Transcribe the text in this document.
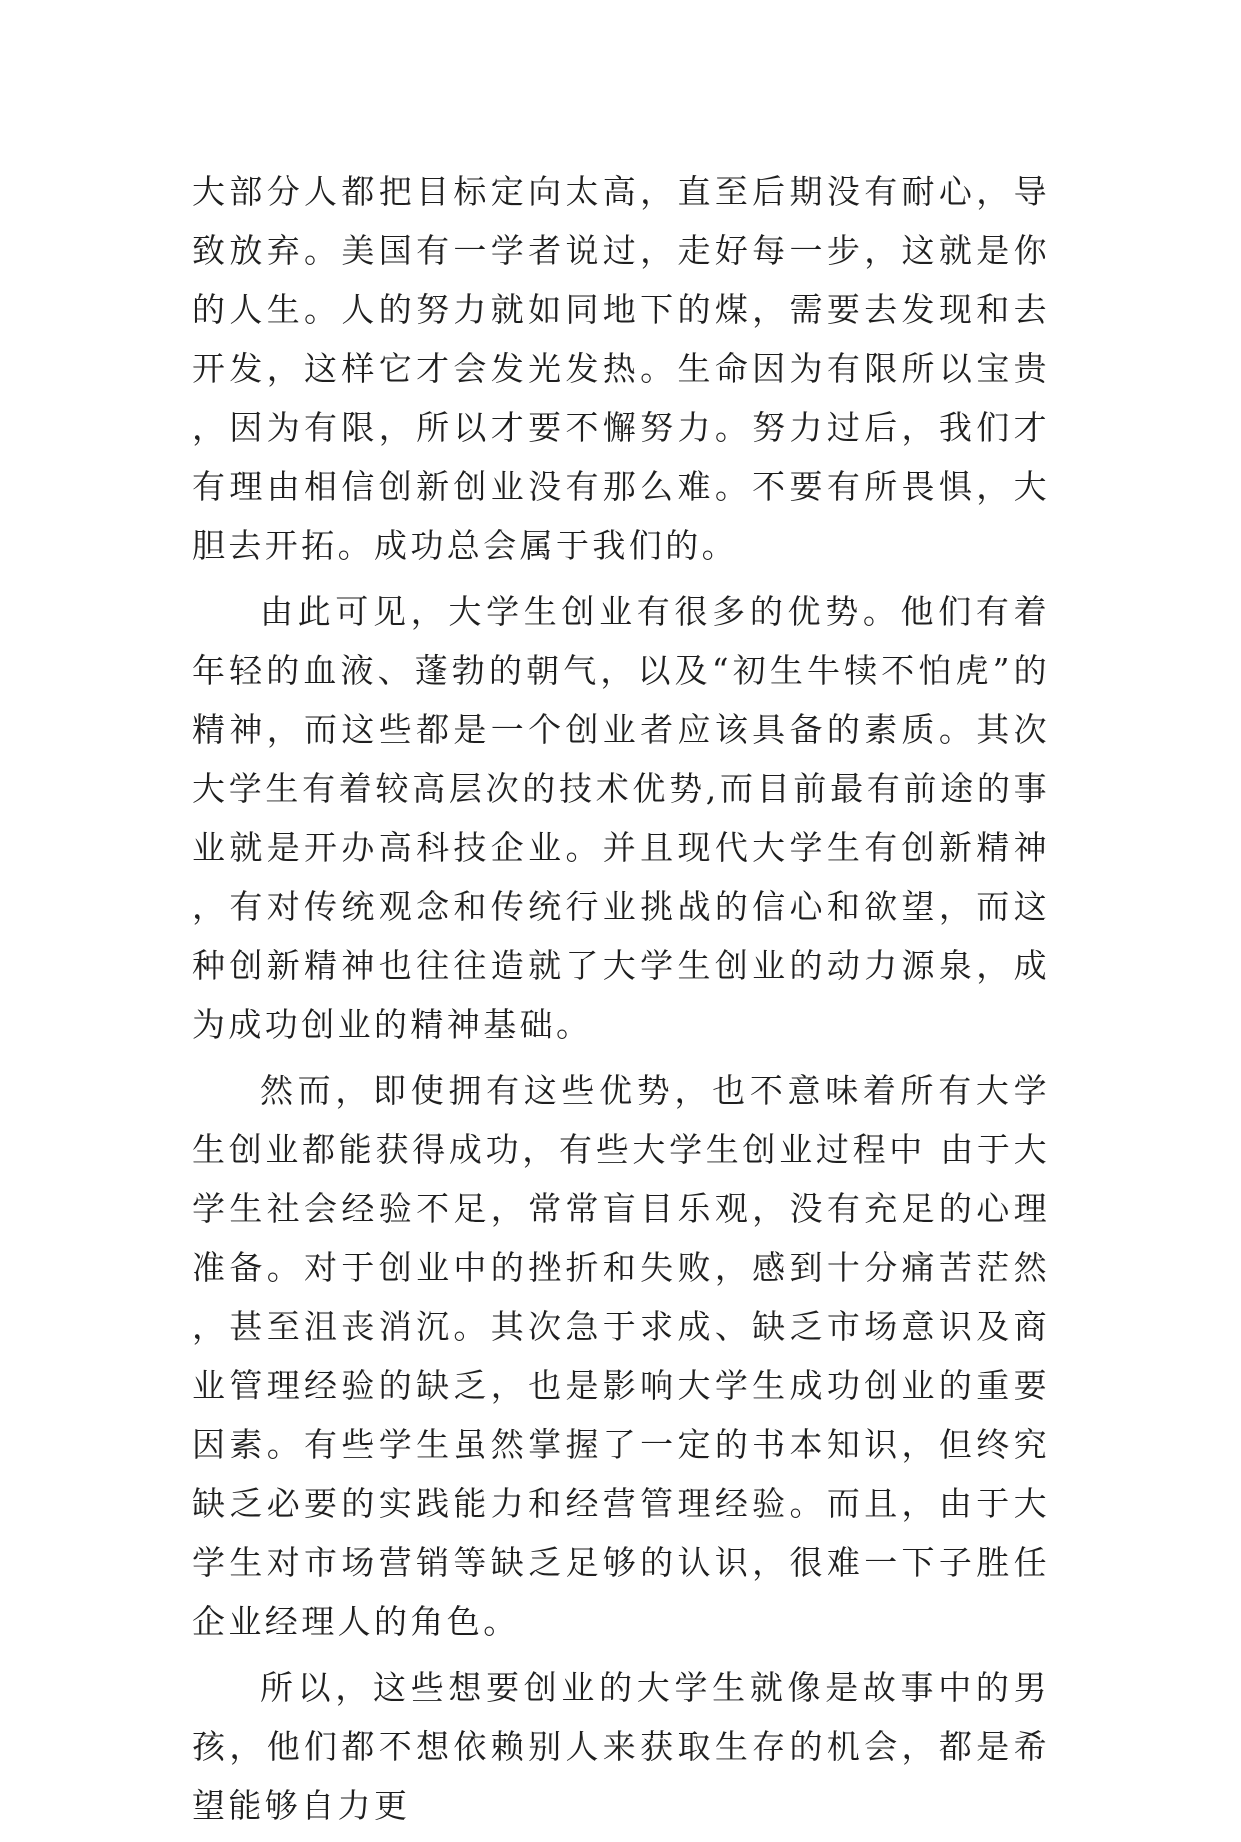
大部分人都把目标定向太高，直至后期没有耐心，导致放弃。美国有一学者说过，走好每一步，这就是你的人生。人的努力就如同地下的煤，需要去发现和去开发，这样它才会发光发热。生命因为有限所以宝贵，因为有限，所以才要不懈努力。努力过后，我们才有理由相信创新创业没有那么难。不要有所畏惧，大胆去开拓。成功总会属于我们的。

由此可见，大学生创业有很多的优势。他们有着年轻的血液、蓬勃的朝气，以及“初生牛犊不怕虎”的精神，而这些都是一个创业者应该具备的素质。其次大学生有着较高层次的技术优势,而目前最有前途的事业就是开办高科技企业。并且现代大学生有创新精神，有对传统观念和传统行业挑战的信心和欲望，而这种创新精神也往往造就了大学生创业的动力源泉，成为成功创业的精神基础。

然而，即使拥有这些优势，也不意味着所有大学生创业都能获得成功，有些大学生创业过程中 由于大学生社会经验不足，常常盲目乐观，没有充足的心理准备。对于创业中的挫折和失败，感到十分痛苦茫然，甚至沮丧消沉。其次急于求成、缺乏市场意识及商业管理经验的缺乏，也是影响大学生成功创业的重要因素。有些学生虽然掌握了一定的书本知识，但终究缺乏必要的实践能力和经营管理经验。而且，由于大学生对市场营销等缺乏足够的认识，很难一下子胜任企业经理人的角色。

所以，这些想要创业的大学生就像是故事中的男孩，他们都不想依赖别人来获取生存的机会，都是希望能够自力更
